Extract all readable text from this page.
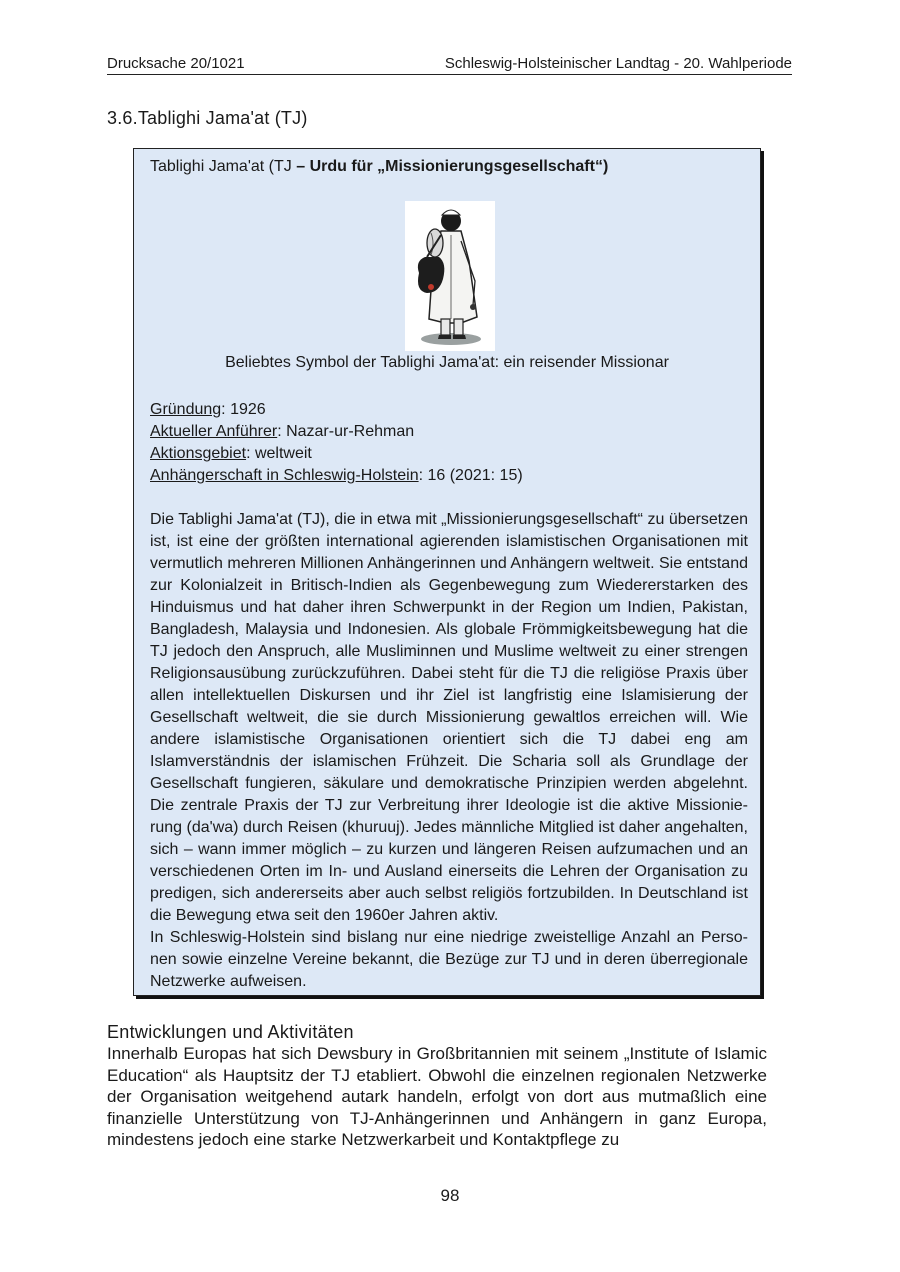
Drucksache 20/1021	Schleswig-Holsteinischer Landtag - 20. Wahlperiode
3.6.Tablighi Jama'at (TJ)
Tablighi Jama'at (TJ – Urdu für „Missionierungsgesellschaft“)
Beliebtes Symbol der Tablighi Jama'at: ein reisender Missionar
Gründung: 1926
Aktueller Anführer: Nazar-ur-Rehman
Aktionsgebiet: weltweit
Anhängerschaft in Schleswig-Holstein: 16 (2021: 15)

Die Tablighi Jama'at (TJ), die in etwa mit „Missionierungsgesellschaft“ zu übersetzen ist, ist eine der größten international agierenden islamistischen Organisationen mit vermutlich mehreren Millionen Anhängerinnen und Anhängern weltweit. Sie entstand zur Kolonialzeit in Britisch-Indien als Gegenbewegung zum Wiedererstarken des Hinduismus und hat daher ihren Schwerpunkt in der Region um Indien, Pakistan, Bangladesh, Malaysia und Indonesien. Als globale Frömmigkeitsbewegung hat die TJ jedoch den Anspruch, alle Musliminnen und Muslime weltweit zu einer strengen Religionsausübung zurückzuführen. Dabei steht für die TJ die religiöse Praxis über allen intellektuellen Diskursen und ihr Ziel ist langfristig eine Islamisierung der Gesellschaft weltweit, die sie durch Missionierung gewaltlos erreichen will. Wie andere islamistische Organisationen orientiert sich die TJ dabei eng am Islamverständnis der islamischen Frühzeit. Die Scharia soll als Grundlage der Gesellschaft fungieren, säkulare und demokratische Prinzipien werden abgelehnt. Die zentrale Praxis der TJ zur Verbreitung ihrer Ideologie ist die aktive Missionierung (da'wa) durch Reisen (khuruuj). Jedes männliche Mitglied ist daher angehalten, sich – wann immer möglich – zu kurzen und längeren Reisen aufzumachen und an verschiedenen Orten im In- und Ausland einerseits die Lehren der Organisation zu predigen, sich andererseits aber auch selbst religiös fortzubilden. In Deutschland ist die Bewegung etwa seit den 1960er Jahren aktiv.

In Schleswig-Holstein sind bislang nur eine niedrige zweistellige Anzahl an Personen sowie einzelne Vereine bekannt, die Bezüge zur TJ und in deren überregionale Netzwerke aufweisen.

Entwicklungen und Aktivitäten
Innerhalb Europas hat sich Dewsbury in Großbritannien mit seinem „Institute of Islamic Education“ als Hauptsitz der TJ etabliert. Obwohl die einzelnen regionalen Netzwerke der Organisation weitgehend autark handeln, erfolgt von dort aus mutmaßlich eine finanzielle Unterstützung von TJ-Anhängerinnen und Anhängern in ganz Europa, mindestens jedoch eine starke Netzwerkarbeit und Kontaktpflege zu
98
